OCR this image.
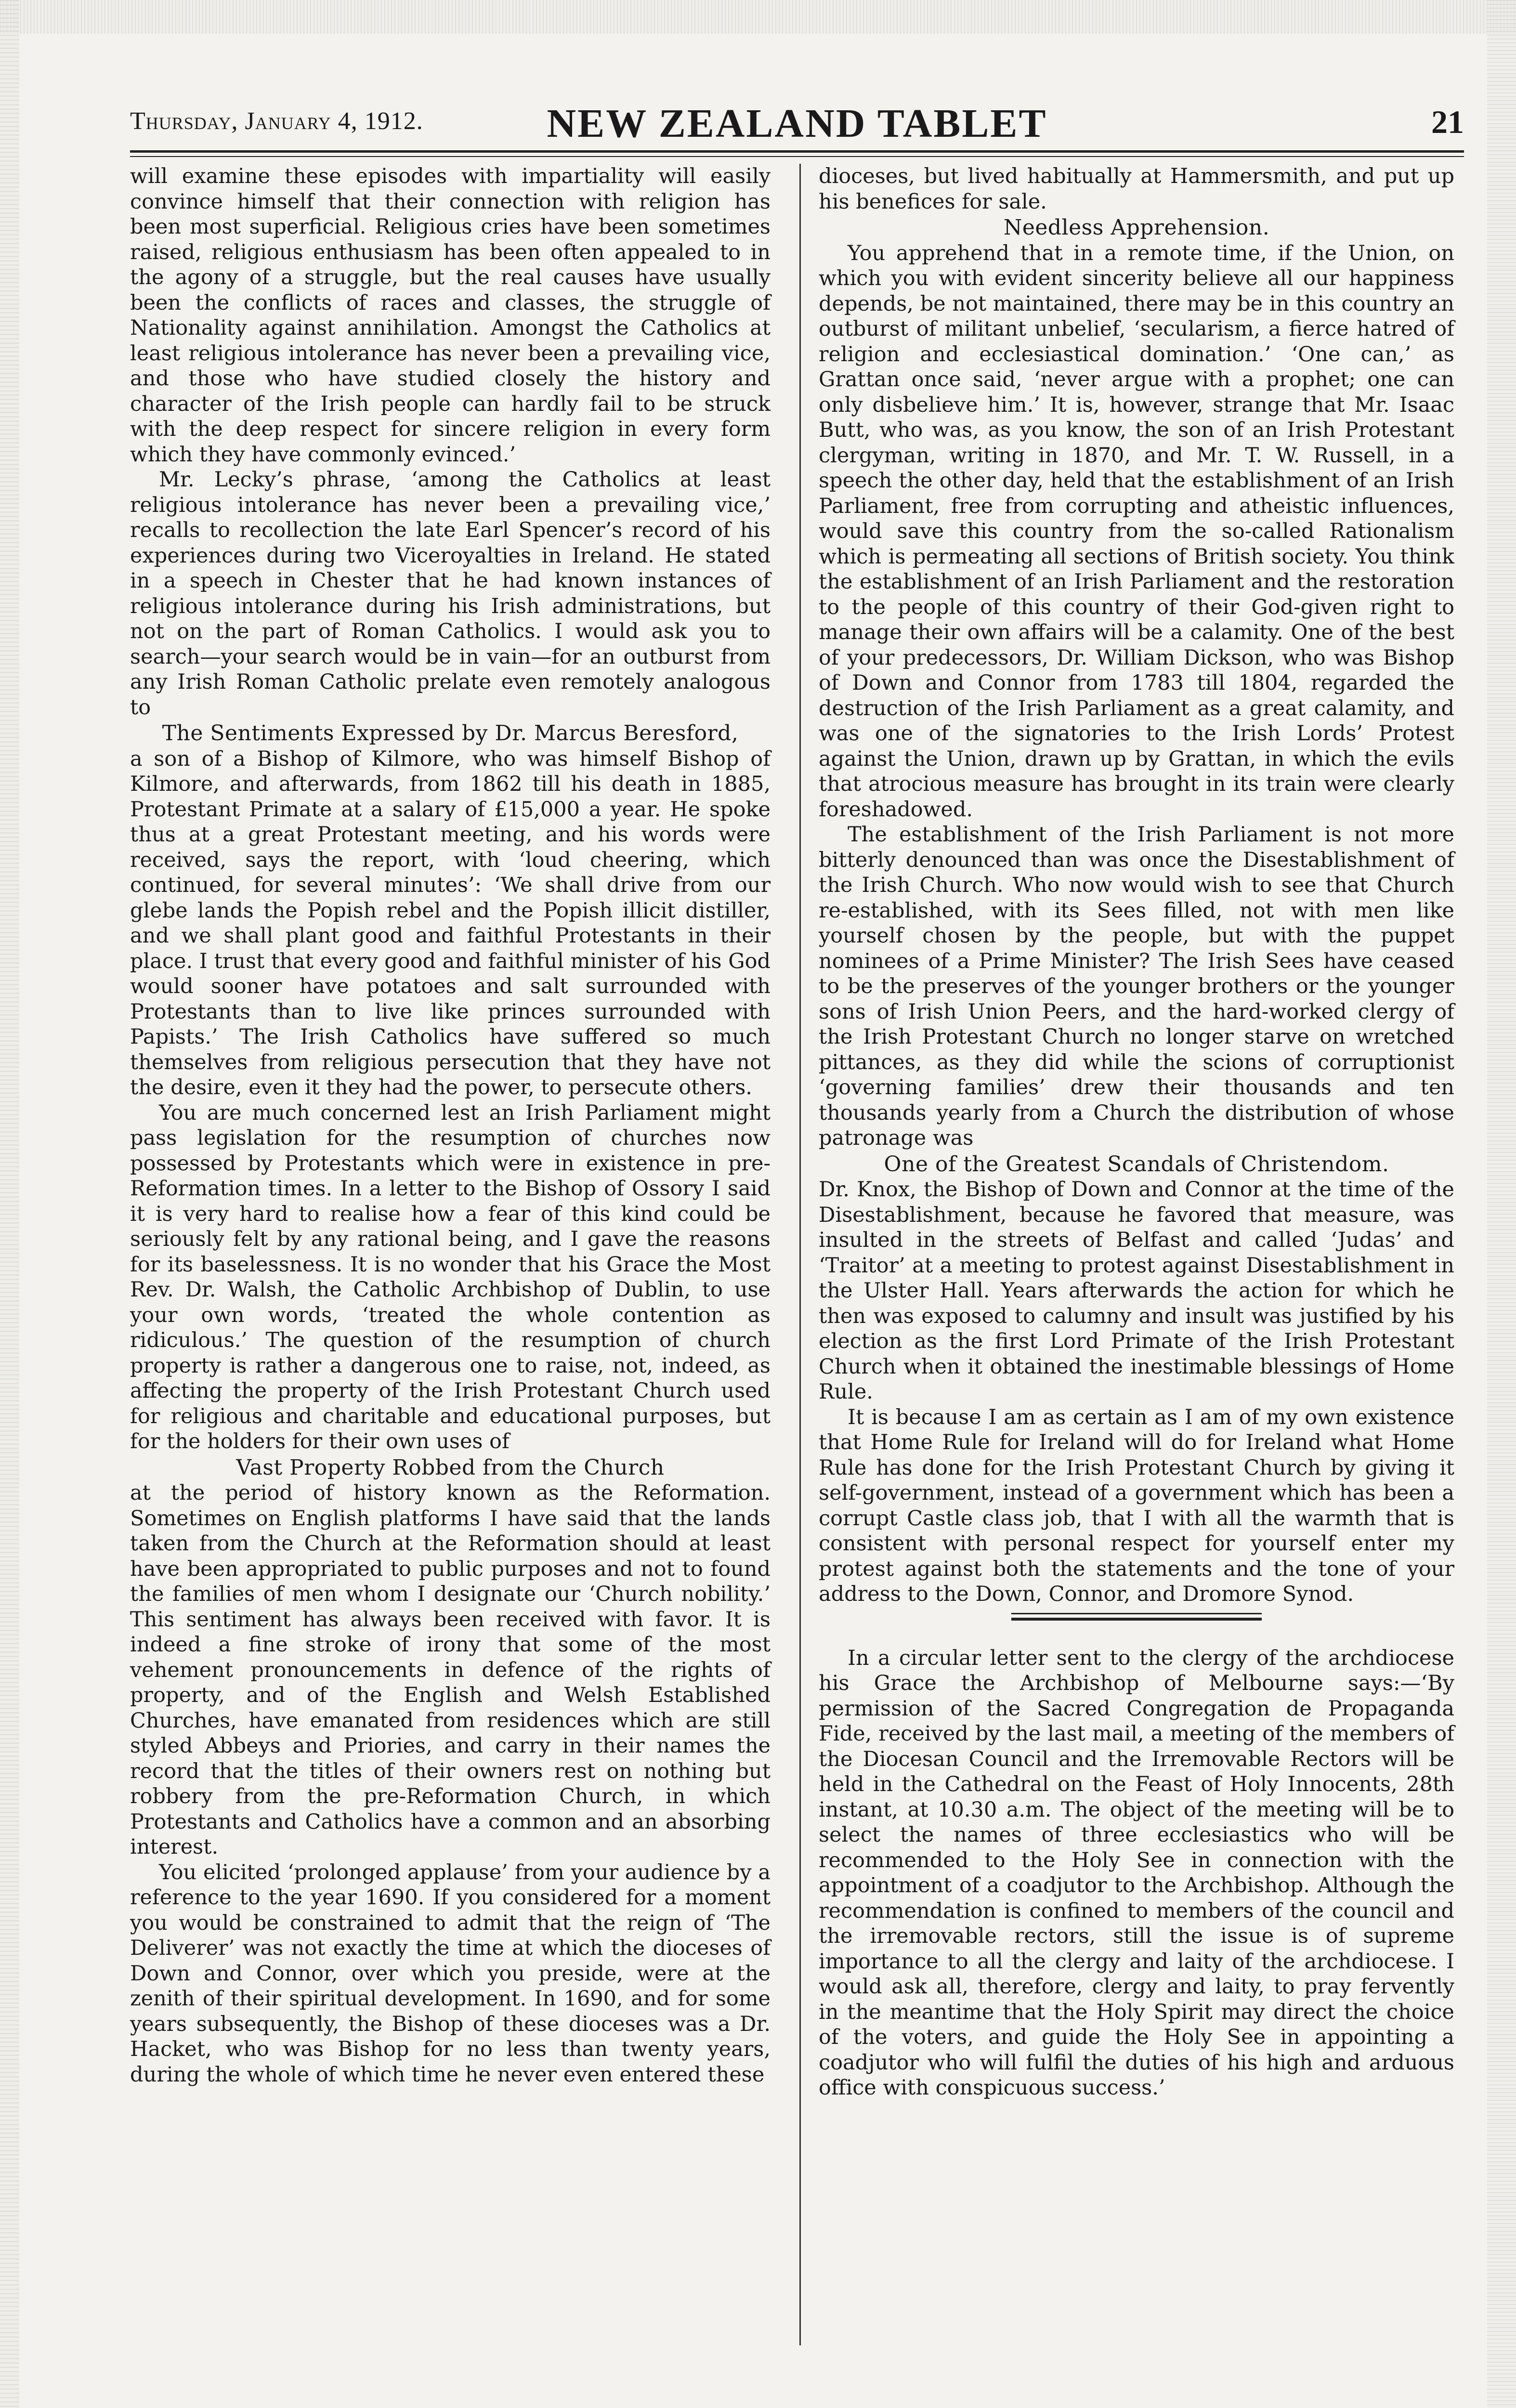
Thursday, January 4, 1912.	NEW ZEALAND TABLET	21

will examine these episodes with impartiality will easily convince himself that their connection with religion has been most superficial. Religious cries have been sometimes raised, religious enthusiasm has been often appealed to in the agony of a struggle, but the real causes have usually been the conflicts of races and classes, the struggle of Nationality against annihilation. Amongst the Catholics at least religious intolerance has never been a prevailing vice, and those who have studied closely the history and character of the Irish people can hardly fail to be struck with the deep respect for sincere religion in every form which they have commonly evinced.’

Mr. Lecky’s phrase, ‘among the Catholics at least religious intolerance has never been a prevailing vice,’ recalls to recollection the late Earl Spencer’s record of his experiences during two Viceroyalties in Ireland. He stated in a speech in Chester that he had known instances of religious intolerance during his Irish administrations, but not on the part of Roman Catholics. I would ask you to search—your search would be in vain—for an outburst from any Irish Roman Catholic prelate even remotely analogous to

The Sentiments Expressed by Dr. Marcus Beresford,

a son of a Bishop of Kilmore, who was himself Bishop of Kilmore, and afterwards, from 1862 till his death in 1885, Protestant Primate at a salary of £15,000 a year. He spoke thus at a great Protestant meeting, and his words were received, says the report, with ‘loud cheering, which continued, for several minutes’: ‘We shall drive from our glebe lands the Popish rebel and the Popish illicit distiller, and we shall plant good and faithful Protestants in their place. I trust that every good and faithful minister of his God would sooner have potatoes and salt surrounded with Protestants than to live like princes surrounded with Papists.’ The Irish Catholics have suffered so much themselves from religious persecution that they have not the desire, even it they had the power, to persecute others.

You are much concerned lest an Irish Parliament might pass legislation for the resumption of churches now possessed by Protestants which were in existence in pre-Reformation times. In a letter to the Bishop of Ossory I said it is very hard to realise how a fear of this kind could be seriously felt by any rational being, and I gave the reasons for its baselessness. It is no wonder that his Grace the Most Rev. Dr. Walsh, the Catholic Archbishop of Dublin, to use your own words, ‘treated the whole contention as ridiculous.’ The question of the resumption of church property is rather a dangerous one to raise, not, indeed, as affecting the property of the Irish Protestant Church used for religious and charitable and educational purposes, but for the holders for their own uses of

Vast Property Robbed from the Church

at the period of history known as the Reformation. Sometimes on English platforms I have said that the lands taken from the Church at the Reformation should at least have been appropriated to public purposes and not to found the families of men whom I designate our ‘Church nobility.’ This sentiment has always been received with favor. It is indeed a fine stroke of irony that some of the most vehement pronouncements in defence of the rights of property, and of the English and Welsh Established Churches, have emanated from residences which are still styled Abbeys and Priories, and carry in their names the record that the titles of their owners rest on nothing but robbery from the pre-Reformation Church, in which Protestants and Catholics have a common and an absorbing interest.

You elicited ‘prolonged applause’ from your audience by a reference to the year 1690. If you considered for a moment you would be constrained to admit that the reign of ‘The Deliverer’ was not exactly the time at which the dioceses of Down and Connor, over which you preside, were at the zenith of their spiritual development. In 1690, and for some years subsequently, the Bishop of these dioceses was a Dr. Hacket, who was Bishop for no less than twenty years, during the whole of which time he never even entered these

dioceses, but lived habitually at Hammersmith, and put up his benefices for sale.

Needless Apprehension.

You apprehend that in a remote time, if the Union, on which you with evident sincerity believe all our happiness depends, be not maintained, there may be in this country an outburst of militant unbelief, ‘secularism, a fierce hatred of religion and ecclesiastical domination.’ ‘One can,’ as Grattan once said, ‘never argue with a prophet; one can only disbelieve him.’ It is, however, strange that Mr. Isaac Butt, who was, as you know, the son of an Irish Protestant clergyman, writing in 1870, and Mr. T. W. Russell, in a speech the other day, held that the establishment of an Irish Parliament, free from corrupting and atheistic influences, would save this country from the so-called Rationalism which is permeating all sections of British society. You think the establishment of an Irish Parliament and the restoration to the people of this country of their God-given right to manage their own affairs will be a calamity. One of the best of your predecessors, Dr. William Dickson, who was Bishop of Down and Connor from 1783 till 1804, regarded the destruction of the Irish Parliament as a great calamity, and was one of the signatories to the Irish Lords’ Protest against the Union, drawn up by Grattan, in which the evils that atrocious measure has brought in its train were clearly foreshadowed.

The establishment of the Irish Parliament is not more bitterly denounced than was once the Disestablishment of the Irish Church. Who now would wish to see that Church re-established, with its Sees filled, not with men like yourself chosen by the people, but with the puppet nominees of a Prime Minister? The Irish Sees have ceased to be the preserves of the younger brothers or the younger sons of Irish Union Peers, and the hard-worked clergy of the Irish Protestant Church no longer starve on wretched pittances, as they did while the scions of corruptionist ‘governing families’ drew their thousands and ten thousands yearly from a Church the distribution of whose patronage was

One of the Greatest Scandals of Christendom.

Dr. Knox, the Bishop of Down and Connor at the time of the Disestablishment, because he favored that measure, was insulted in the streets of Belfast and called ‘Judas’ and ‘Traitor’ at a meeting to protest against Disestablishment in the Ulster Hall. Years afterwards the action for which he then was exposed to calumny and insult was justified by his election as the first Lord Primate of the Irish Protestant Church when it obtained the inestimable blessings of Home Rule.

It is because I am as certain as I am of my own existence that Home Rule for Ireland will do for Ireland what Home Rule has done for the Irish Protestant Church by giving it self-government, instead of a government which has been a corrupt Castle class job, that I with all the warmth that is consistent with personal respect for yourself enter my protest against both the statements and the tone of your address to the Down, Connor, and Dromore Synod.

In a circular letter sent to the clergy of the archdiocese his Grace the Archbishop of Melbourne says:—‘By permission of the Sacred Congregation de Propaganda Fide, received by the last mail, a meeting of the members of the Diocesan Council and the Irremovable Rectors will be held in the Cathedral on the Feast of Holy Innocents, 28th instant, at 10.30 a.m. The object of the meeting will be to select the names of three ecclesiastics who will be recommended to the Holy See in connection with the appointment of a coadjutor to the Archbishop. Although the recommendation is confined to members of the council and the irremovable rectors, still the issue is of supreme importance to all the clergy and laity of the archdiocese. I would ask all, therefore, clergy and laity, to pray fervently in the meantime that the Holy Spirit may direct the choice of the voters, and guide the Holy See in appointing a coadjutor who will fulfil the duties of his high and arduous office with conspicuous success.’
